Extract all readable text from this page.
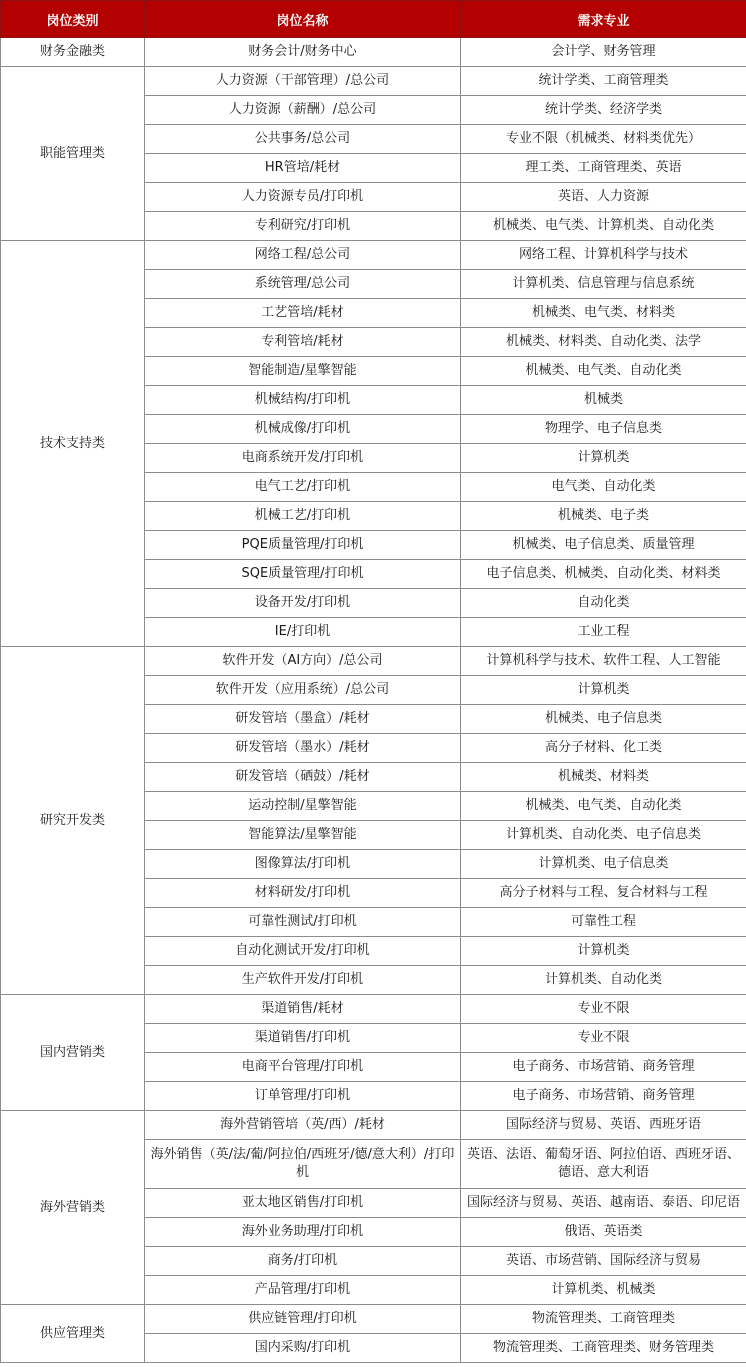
岗位类别	岗位名称	需求专业
财务金融类	财务会计/财务中心	会计学、财务管理
职能管理类	人力资源（干部管理）/总公司	统计学类、工商管理类
	人力资源（薪酬）/总公司	统计学类、经济学类
	公共事务/总公司	专业不限（机械类、材料类优先）
	HR管培/耗材	理工类、工商管理类、英语
	人力资源专员/打印机	英语、人力资源
	专利研究/打印机	机械类、电气类、计算机类、自动化类
技术支持类	网络工程/总公司	网络工程、计算机科学与技术
	系统管理/总公司	计算机类、信息管理与信息系统
	工艺管培/耗材	机械类、电气类、材料类
	专利管培/耗材	机械类、材料类、自动化类、法学
	智能制造/星擎智能	机械类、电气类、自动化类
	机械结构/打印机	机械类
	机械成像/打印机	物理学、电子信息类
	电商系统开发/打印机	计算机类
	电气工艺/打印机	电气类、自动化类
	机械工艺/打印机	机械类、电子类
	PQE质量管理/打印机	机械类、电子信息类、质量管理
	SQE质量管理/打印机	电子信息类、机械类、自动化类、材料类
	设备开发/打印机	自动化类
	IE/打印机	工业工程
研究开发类	软件开发（AI方向）/总公司	计算机科学与技术、软件工程、人工智能
	软件开发（应用系统）/总公司	计算机类
	研发管培（墨盒）/耗材	机械类、电子信息类
	研发管培（墨水）/耗材	高分子材料、化工类
	研发管培（硒鼓）/耗材	机械类、材料类
	运动控制/星擎智能	机械类、电气类、自动化类
	智能算法/星擎智能	计算机类、自动化类、电子信息类
	图像算法/打印机	计算机类、电子信息类
	材料研发/打印机	高分子材料与工程、复合材料与工程
	可靠性测试/打印机	可靠性工程
	自动化测试开发/打印机	计算机类
	生产软件开发/打印机	计算机类、自动化类
国内营销类	渠道销售/耗材	专业不限
	渠道销售/打印机	专业不限
	电商平台管理/打印机	电子商务、市场营销、商务管理
	订单管理/打印机	电子商务、市场营销、商务管理
海外营销类	海外营销管培（英/西）/耗材	国际经济与贸易、英语、西班牙语
	海外销售（英/法/葡/阿拉伯/西班牙/德/意大利）/打印机	英语、法语、葡萄牙语、阿拉伯语、西班牙语、德语、意大利语
	亚太地区销售/打印机	国际经济与贸易、英语、越南语、泰语、印尼语
	海外业务助理/打印机	俄语、英语类
	商务/打印机	英语、市场营销、国际经济与贸易
	产品管理/打印机	计算机类、机械类
供应管理类	供应链管理/打印机	物流管理类、工商管理类
	国内采购/打印机	物流管理类、工商管理类、财务管理类
